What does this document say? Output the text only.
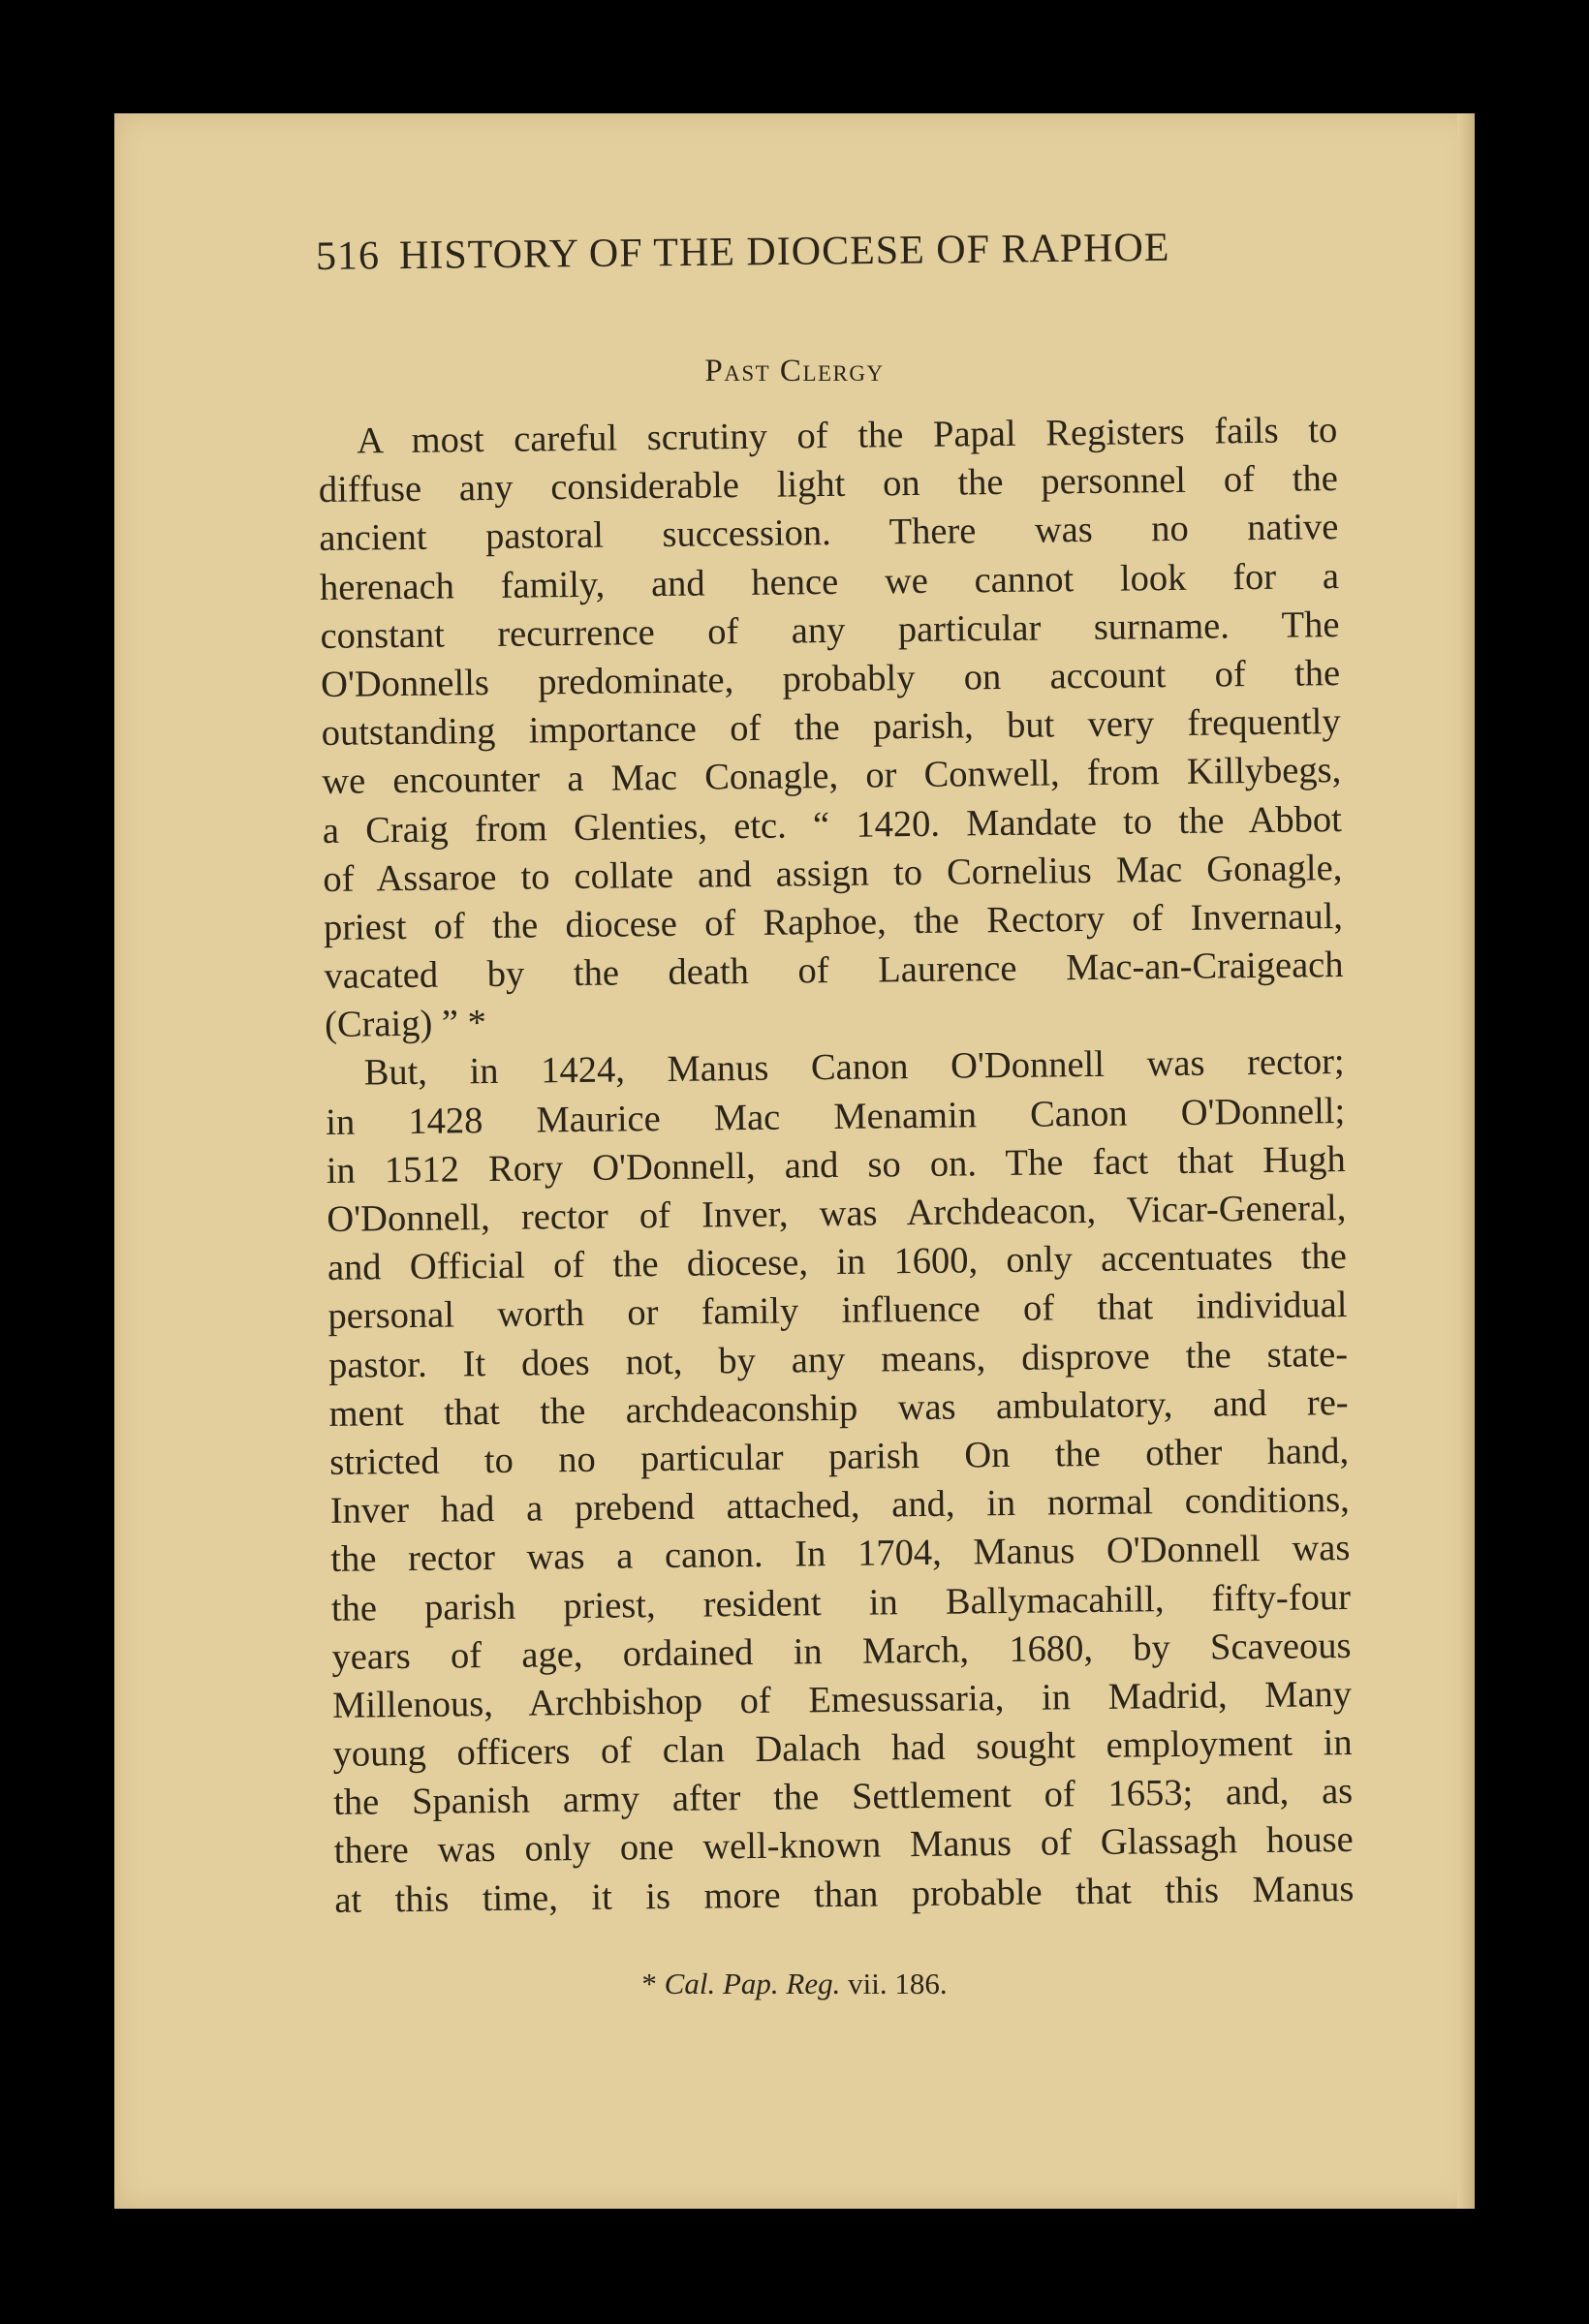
516 HISTORY OF THE DIOCESE OF RAPHOE
Past Clergy
A most careful scrutiny of the Papal Registers fails to
diffuse any considerable light on the personnel of the
ancient pastoral succession. There was no native
herenach family, and hence we cannot look for a
constant recurrence of any particular surname. The
O'Donnells predominate, probably on account of the
outstanding importance of the parish, but very frequently
we encounter a Mac Conagle, or Conwell, from Killybegs,
a Craig from Glenties, etc. “ 1420. Mandate to the Abbot
of Assaroe to collate and assign to Cornelius Mac Gonagle,
priest of the diocese of Raphoe, the Rectory of Invernaul,
vacated by the death of Laurence Mac-an-Craigeach
(Craig) ” *
But, in 1424, Manus Canon O'Donnell was rector;
in 1428 Maurice Mac Menamin Canon O'Donnell;
in 1512 Rory O'Donnell, and so on. The fact that Hugh
O'Donnell, rector of Inver, was Archdeacon, Vicar-General,
and Official of the diocese, in 1600, only accentuates the
personal worth or family influence of that individual
pastor. It does not, by any means, disprove the state-
ment that the archdeaconship was ambulatory, and re-
stricted to no particular parish On the other hand,
Inver had a prebend attached, and, in normal conditions,
the rector was a canon. In 1704, Manus O'Donnell was
the parish priest, resident in Ballymacahill, fifty-four
years of age, ordained in March, 1680, by Scaveous
Millenous, Archbishop of Emesussaria, in Madrid, Many
young officers of clan Dalach had sought employment in
the Spanish army after the Settlement of 1653; and, as
there was only one well-known Manus of Glassagh house
at this time, it is more than probable that this Manus
* Cal. Pap. Reg. vii. 186.
